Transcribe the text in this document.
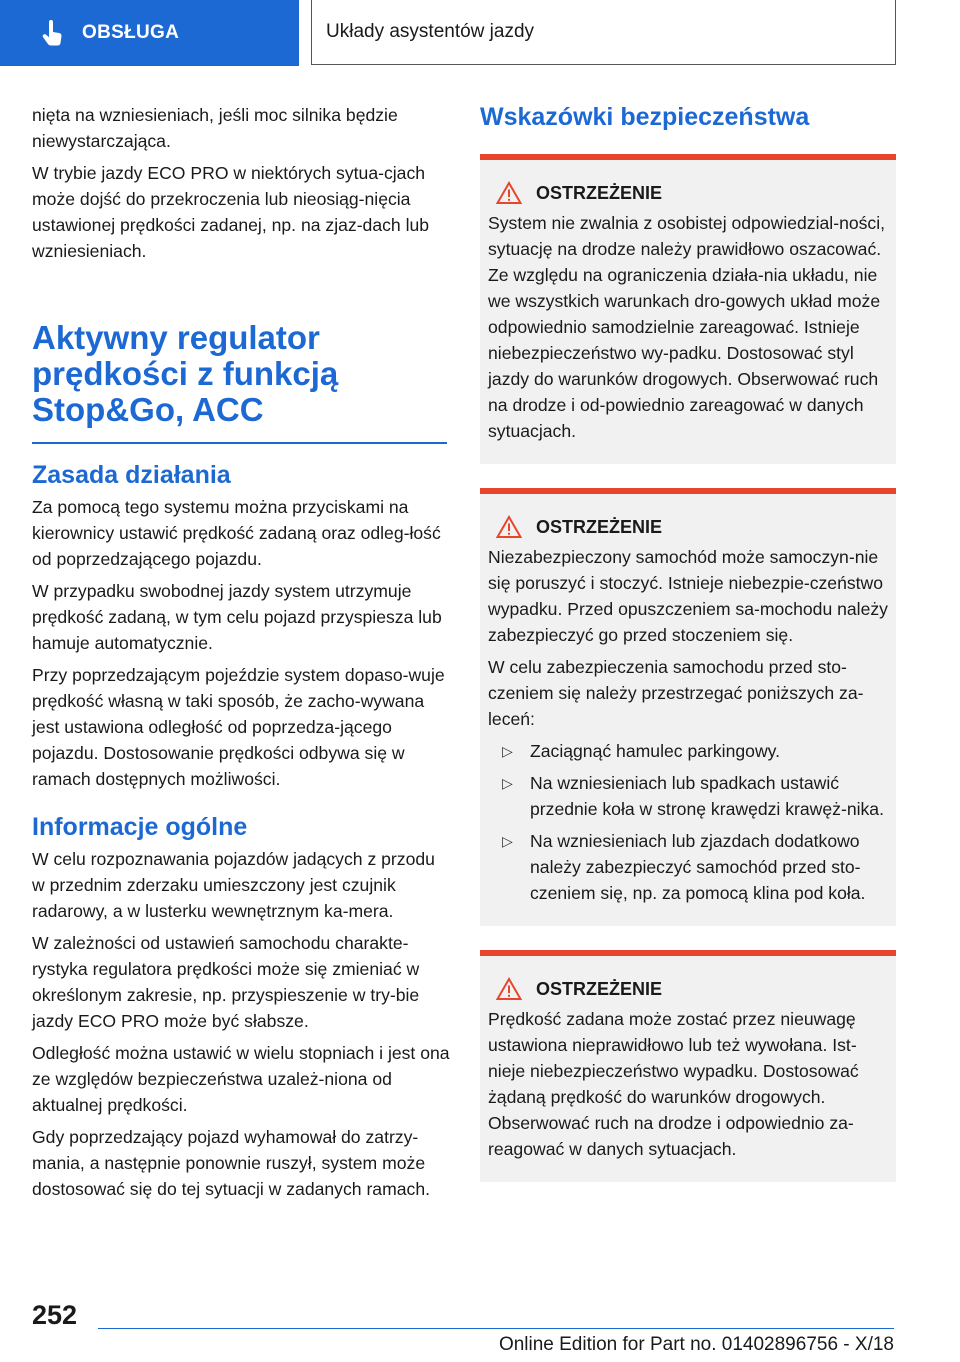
OBSŁUGA	Układy asystentów jazdy

nięta na wzniesieniach, jeśli moc silnika będzie niewystarczająca.

W trybie jazdy ECO PRO w niektórych sytua-cjach może dojść do przekroczenia lub nieosiąg-nięcia ustawionej prędkości zadanej, np. na zjaz-dach lub wzniesieniach.

Aktywny regulator prędkości z funkcją Stop&Go, ACC
Zasada działania

Za pomocą tego systemu można przyciskami na kierownicy ustawić prędkość zadaną oraz odleg-łość od poprzedzającego pojazdu.

W przypadku swobodnej jazdy system utrzymuje prędkość zadaną, w tym celu pojazd przyspiesza lub hamuje automatycznie.

Przy poprzedzającym pojeździe system dopaso-wuje prędkość własną w taki sposób, że zacho-wywana jest ustawiona odległość od poprzedza-jącego pojazdu. Dostosowanie prędkości odbywa się w ramach dostępnych możliwości.

Informacje ogólne

W celu rozpoznawania pojazdów jadących z przodu w przednim zderzaku umieszczony jest czujnik radarowy, a w lusterku wewnętrznym ka-mera.

W zależności od ustawień samochodu charakte-rystyka regulatora prędkości może się zmieniać w określonym zakresie, np. przyspieszenie w try-bie jazdy ECO PRO może być słabsze.

Odległość można ustawić w wielu stopniach i jest ona ze względów bezpieczeństwa uzależ-niona od aktualnej prędkości.

Gdy poprzedzający pojazd wyhamował do zatrzy-mania, a następnie ponownie ruszył, system może dostosować się do tej sytuacji w zadanych ramach.

Wskazówki bezpieczeństwa
OSTRZEŻENIE

System nie zwalnia z osobistej odpowiedzial-ności, sytuację na drodze należy prawidłowo oszacować. Ze względu na ograniczenia działa-nia układu, nie we wszystkich warunkach dro-gowych układ może odpowiednio samodzielnie zareagować. Istnieje niebezpieczeństwo wy-padku. Dostosować styl jazdy do warunków drogowych. Obserwować ruch na drodze i od-powiednio zareagować w danych sytuacjach.

OSTRZEŻENIE

Niezabezpieczony samochód może samoczyn-nie się poruszyć i stoczyć. Istnieje niebezpie-czeństwo wypadku. Przed opuszczeniem sa-mochodu należy zabezpieczyć go przed stoczeniem się.

W celu zabezpieczenia samochodu przed sto-czeniem się należy przestrzegać poniższych za-leceń:

▷ Zaciągnąć hamulec parkingowy.
▷ Na wzniesieniach lub spadkach ustawić przednie koła w stronę krawędzi krawęż-nika.
▷ Na wzniesieniach lub zjazdach dodatkowo należy zabezpieczyć samochód przed sto-czeniem się, np. za pomocą klina pod koła.
OSTRZEŻENIE

Prędkość zadana może zostać przez nieuwagę ustawiona nieprawidłowo lub też wywołana. Ist-nieje niebezpieczeństwo wypadku. Dostosować żądaną prędkość do warunków drogowych. Obserwować ruch na drodze i odpowiednio za-reagować w danych sytuacjach.

252
Online Edition for Part no. 01402896756 - X/18
